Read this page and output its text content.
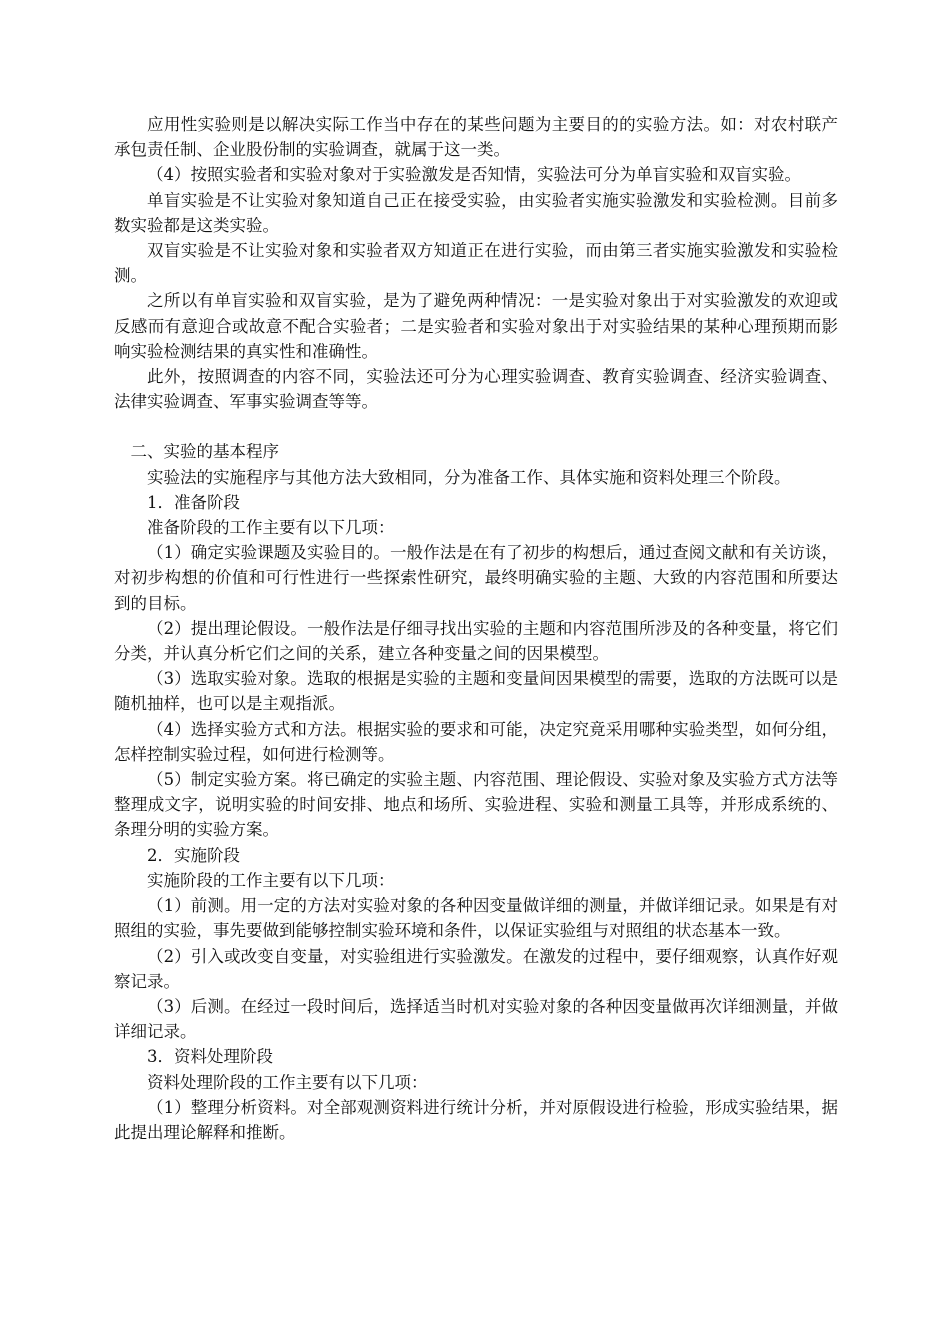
应用性实验则是以解决实际工作当中存在的某些问题为主要目的的实验方法。如：对农村联产承包责任制、企业股份制的实验调查，就属于这一类。

（4）按照实验者和实验对象对于实验激发是否知情，实验法可分为单盲实验和双盲实验。

单盲实验是不让实验对象知道自己正在接受实验，由实验者实施实验激发和实验检测。目前多数实验都是这类实验。

双盲实验是不让实验对象和实验者双方知道正在进行实验，而由第三者实施实验激发和实验检测。

之所以有单盲实验和双盲实验，是为了避免两种情况：一是实验对象出于对实验激发的欢迎或反感而有意迎合或故意不配合实验者；二是实验者和实验对象出于对实验结果的某种心理预期而影响实验检测结果的真实性和准确性。

此外，按照调查的内容不同，实验法还可分为心理实验调查、教育实验调查、经济实验调查、法律实验调查、军事实验调查等等。

二、实验的基本程序

实验法的实施程序与其他方法大致相同，分为准备工作、具体实施和资料处理三个阶段。

1．准备阶段

准备阶段的工作主要有以下几项：

（1）确定实验课题及实验目的。一般作法是在有了初步的构想后，通过查阅文献和有关访谈，对初步构想的价值和可行性进行一些探索性研究，最终明确实验的主题、大致的内容范围和所要达到的目标。

（2）提出理论假设。一般作法是仔细寻找出实验的主题和内容范围所涉及的各种变量，将它们分类，并认真分析它们之间的关系，建立各种变量之间的因果模型。

（3）选取实验对象。选取的根据是实验的主题和变量间因果模型的需要，选取的方法既可以是随机抽样，也可以是主观指派。

（4）选择实验方式和方法。根据实验的要求和可能，决定究竟采用哪种实验类型，如何分组，怎样控制实验过程，如何进行检测等。

（5）制定实验方案。将已确定的实验主题、内容范围、理论假设、实验对象及实验方式方法等整理成文字，说明实验的时间安排、地点和场所、实验进程、实验和测量工具等，并形成系统的、条理分明的实验方案。

2．实施阶段

实施阶段的工作主要有以下几项：

（1）前测。用一定的方法对实验对象的各种因变量做详细的测量，并做详细记录。如果是有对照组的实验，事先要做到能够控制实验环境和条件，以保证实验组与对照组的状态基本一致。

（2）引入或改变自变量，对实验组进行实验激发。在激发的过程中，要仔细观察，认真作好观察记录。

（3）后测。在经过一段时间后，选择适当时机对实验对象的各种因变量做再次详细测量，并做详细记录。

3．资料处理阶段

资料处理阶段的工作主要有以下几项：

（1）整理分析资料。对全部观测资料进行统计分析，并对原假设进行检验，形成实验结果，据此提出理论解释和推断。
